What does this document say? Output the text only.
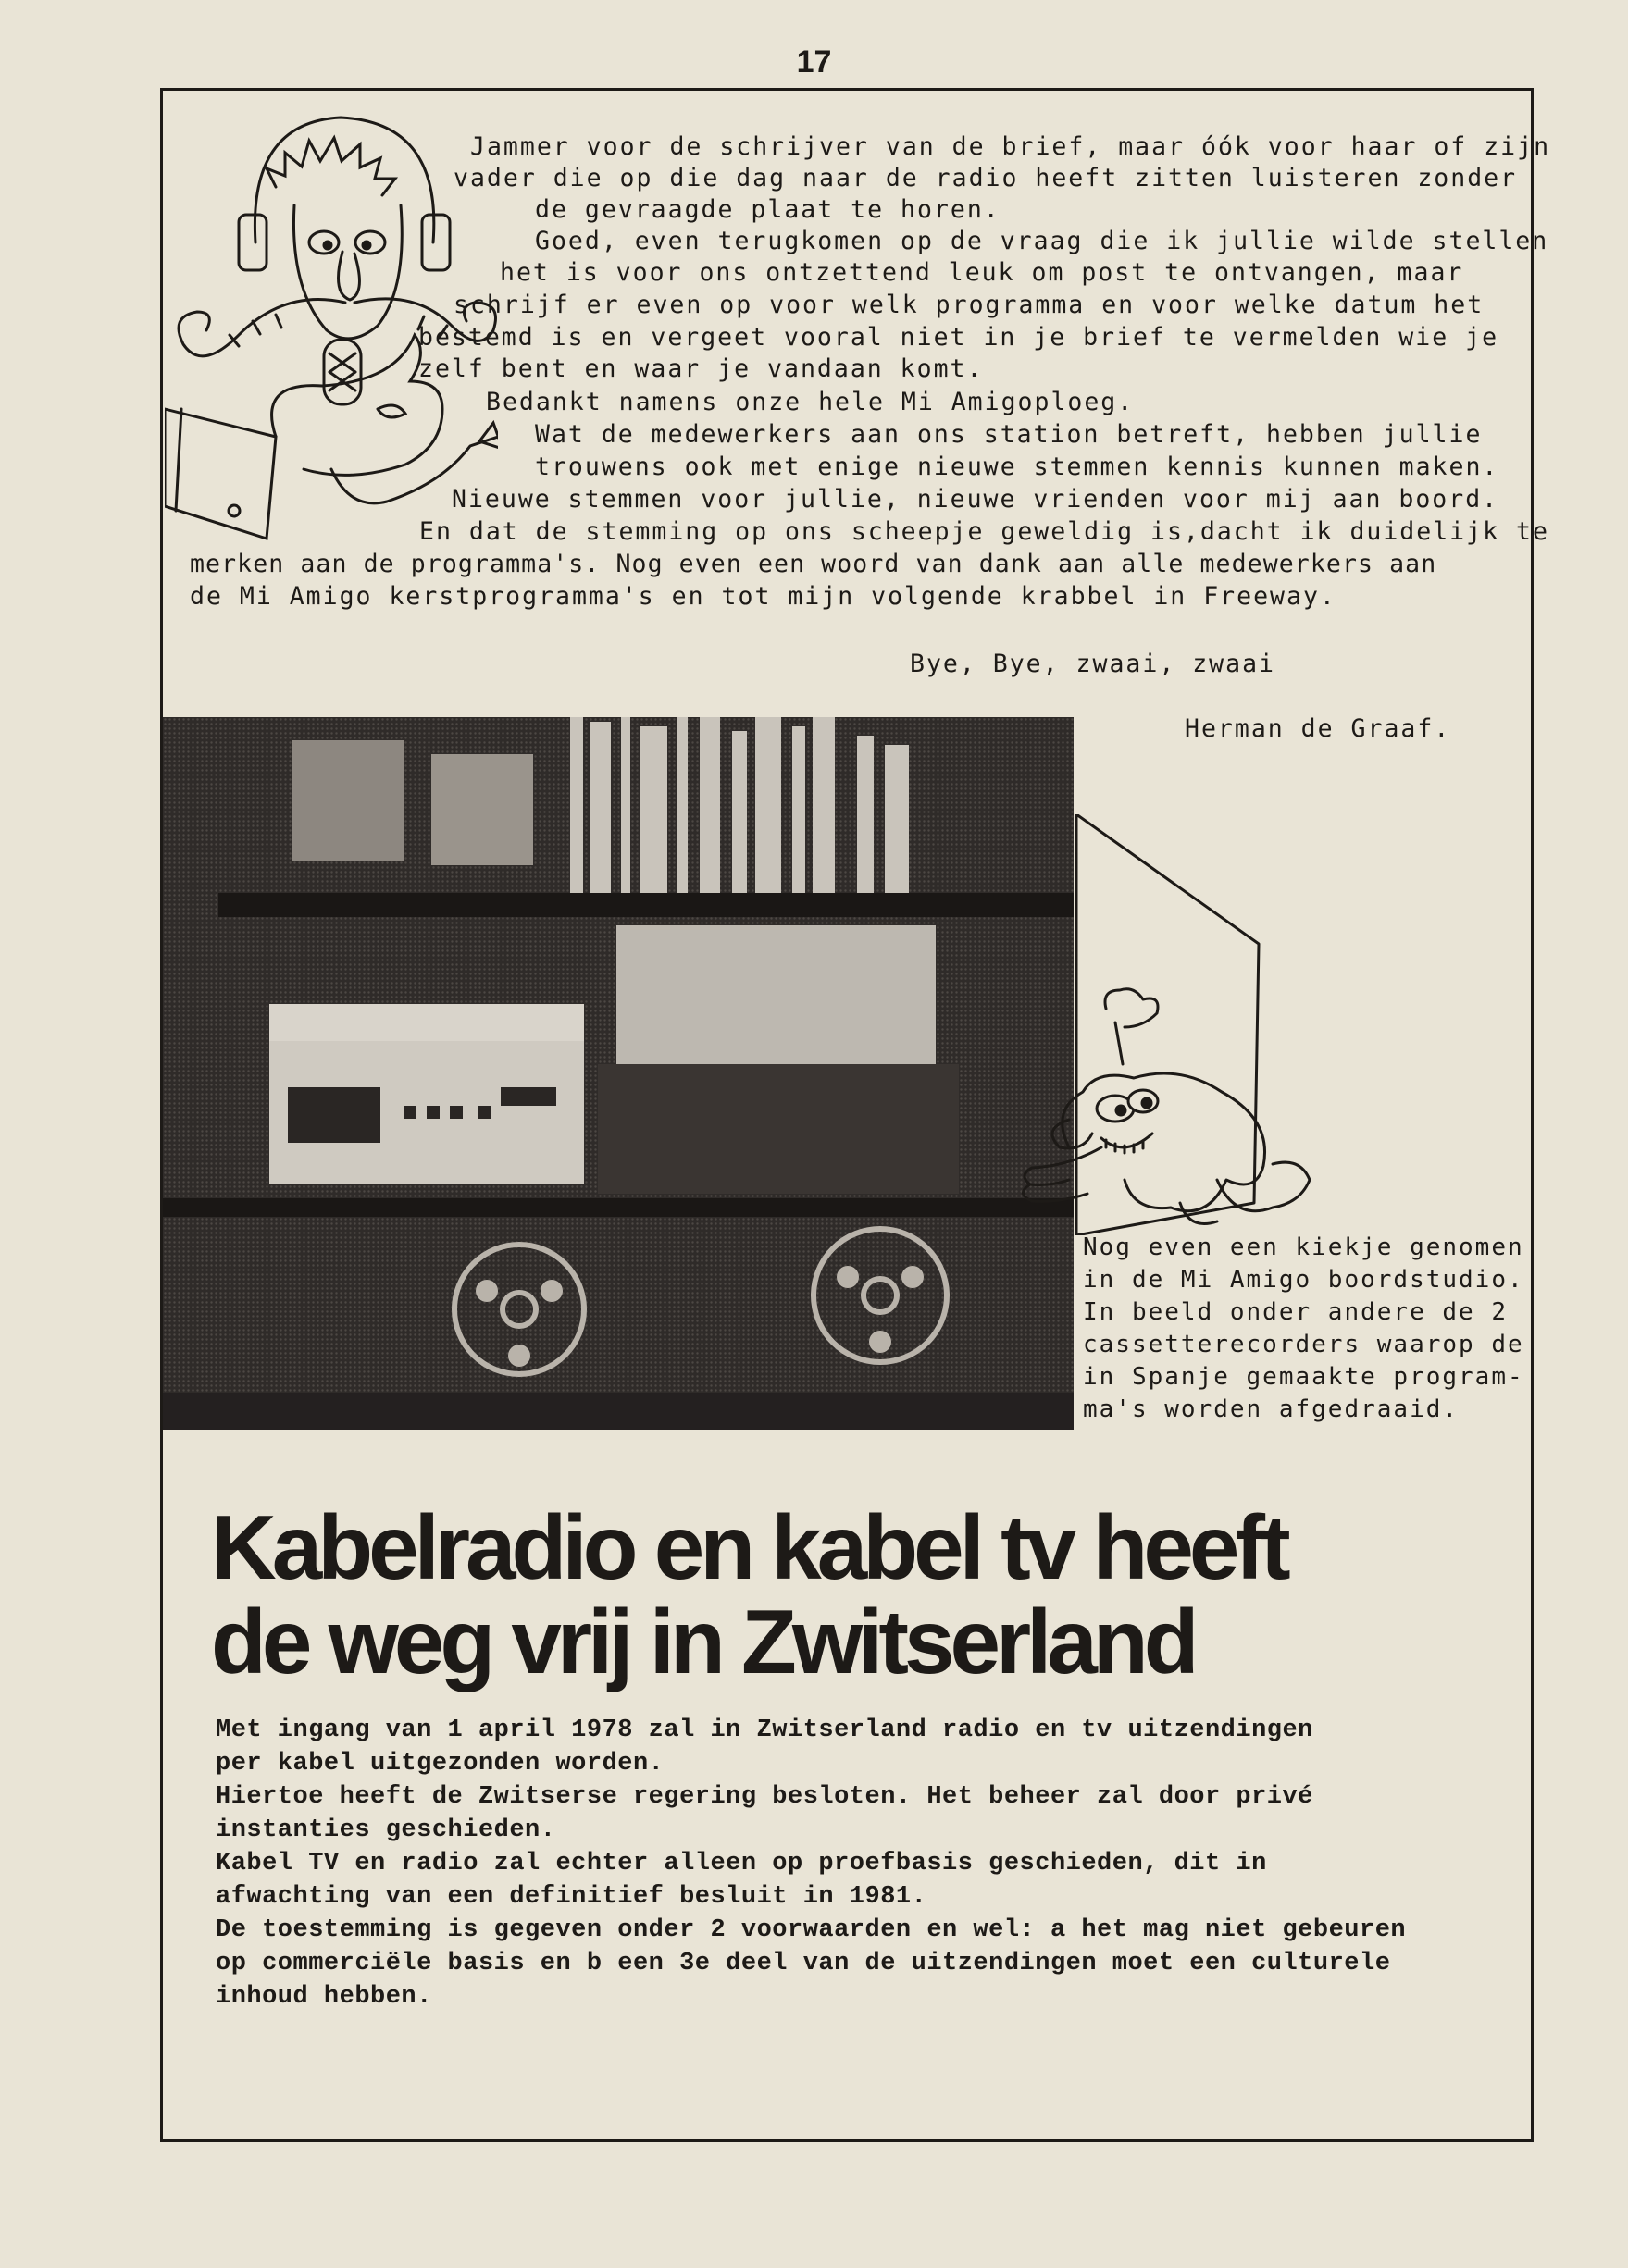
17
Jammer voor de schrijver van de brief, maar óók voor haar of zijn
vader die op die dag naar de radio heeft zitten luisteren zonder
de gevraagde plaat te horen.
Goed, even terugkomen op de vraag die ik jullie wilde stellen
het is voor ons ontzettend leuk om post te ontvangen, maar
schrijf er even op voor welk programma en voor welke datum het
bestemd is en vergeet vooral niet in je brief te vermelden wie je
zelf bent en waar je vandaan komt.
Bedankt namens onze hele Mi Amigoploeg.
Wat de medewerkers aan ons station betreft, hebben jullie
trouwens ook met enige nieuwe stemmen kennis kunnen maken.
Nieuwe stemmen voor jullie, nieuwe vrienden voor mij aan boord.
En dat de stemming op ons scheepje geweldig is,dacht ik duidelijk te
merken aan de programma's. Nog even een woord van dank aan alle medewerkers aan
de Mi Amigo kerstprogramma's en tot mijn volgende krabbel in Freeway.
Bye, Bye, zwaai, zwaai
Herman de Graaf.
Nog even een kiekje genomen
in de Mi Amigo boordstudio.
In beeld onder andere de 2
cassetterecorders waarop de
in Spanje gemaakte program-
ma's worden afgedraaid.
Kabelradio en kabel tv heeft
de weg vrij in Zwitserland
Met ingang van 1 april 1978 zal in Zwitserland radio en tv uitzendingen
per kabel uitgezonden worden.
Hiertoe heeft de Zwitserse regering besloten. Het beheer zal door privé
instanties geschieden.
Kabel TV en radio zal echter alleen op proefbasis geschieden, dit in
afwachting van een definitief besluit in 1981.
De toestemming is gegeven onder 2 voorwaarden en wel: a het mag niet gebeuren
op commerciële basis en b een 3e deel van de uitzendingen moet een culturele
inhoud hebben.
